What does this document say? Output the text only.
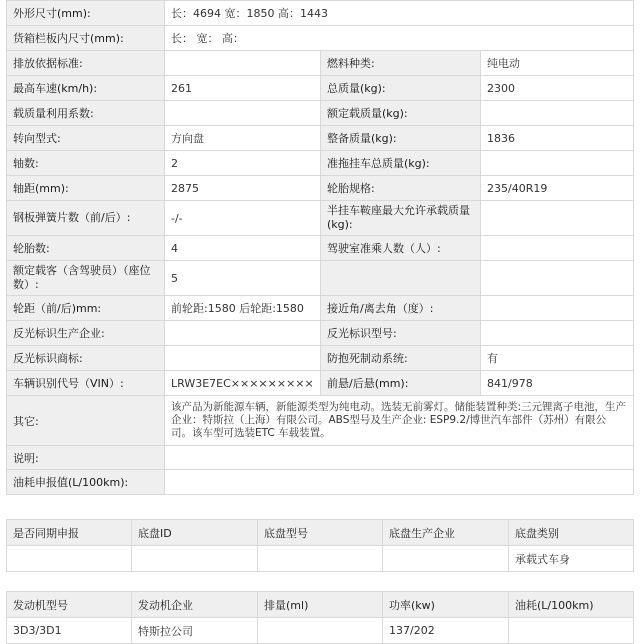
外形尺寸(mm):	长：4694 宽：1850 高：1443		
货箱栏板内尺寸(mm):	长： 宽： 高：		
排放依据标准:		燃料种类:	纯电动
最高车速(km/h):	261	总质量(kg):	2300
载质量利用系数:		额定载质量(kg):	
转向型式:	方向盘	整备质量(kg):	1836
轴数:	2	准拖挂车总质量(kg):	
轴距(mm):	2875	轮胎规格:	235/40R19
钢板弹簧片数（前/后）:	-/-	半挂车鞍座最大允许承载质量(kg):	
轮胎数:	4	驾驶室准乘人数（人）:	
额定载客（含驾驶员）（座位数）:	5		
轮距（前/后)mm:	前轮距:1580 后轮距:1580	接近角/离去角（度）:	
反光标识生产企业:		反光标识型号:	
反光标识商标:		防抱死制动系统:	有
车辆识别代号（VIN）:	LRW3E7EC×××××××××	前悬/后悬(mm):	841/978
其它:	该产品为新能源车辆，新能源类型为纯电动。选装无前雾灯。储能装置种类:三元锂离子电池，生产企业：特斯拉（上海）有限公司。ABS型号及生产企业: ESP9.2/博世汽车部件（苏州）有限公司。该车型可选装ETC 车载装置。		
说明:			
油耗申报值(L/100km):			
是否同期申报	底盘ID	底盘型号	底盘生产企业	底盘类别
				承载式车身
发动机型号	发动机企业	排量(ml)	功率(kw)	油耗(L/100km)
3D3/3D1	特斯拉公司		137/202	
